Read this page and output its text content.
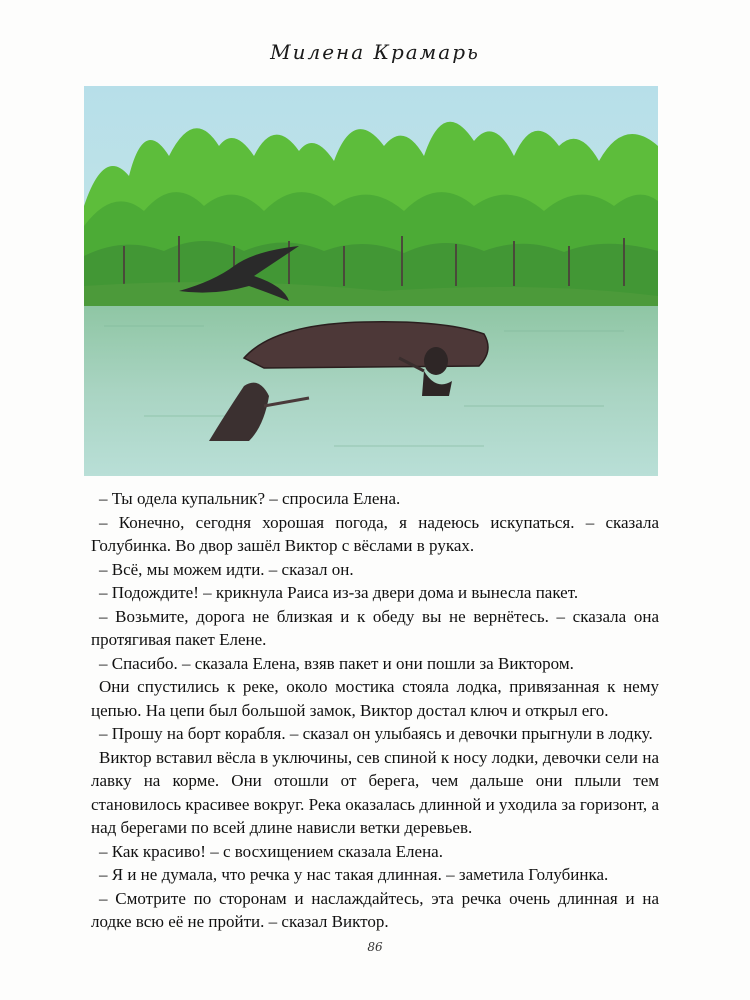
Милена Крамарь

– Ты одела купальник? – спросила Елена.

– Конечно, сегодня хорошая погода, я надеюсь искупаться. – сказала Голубинка. Во двор зашёл Виктор с вёслами в руках.

– Всё, мы можем идти. – сказал он.

– Подождите! – крикнула Раиса из-за двери дома и вынесла пакет.

– Возьмите, дорога не близкая и к обеду вы не вернётесь. – сказала она протягивая пакет Елене.

– Спасибо. – сказала Елена, взяв пакет и они пошли за Виктором.

Они спустились к реке, около мостика стояла лодка, привязанная к нему цепью. На цепи был большой замок, Виктор достал ключ и открыл его.

– Прошу на борт корабля. – сказал он улыбаясь и девочки прыгнули в лодку.

Виктор вставил вёсла в уключины, сев спиной к носу лодки, девочки сели на лавку на корме. Они отошли от берега, чем дальше они плыли тем становилось красивее вокруг. Река оказалась длинной и уходила за горизонт, а над берегами по всей длине нависли ветки деревьев.

– Как красиво! – с восхищением сказала Елена.

– Я и не думала, что речка у нас такая длинная. – заметила Голубинка.

– Смотрите по сторонам и наслаждайтесь, эта речка очень длинная и на лодке всю её не пройти. – сказал Виктор.

86
